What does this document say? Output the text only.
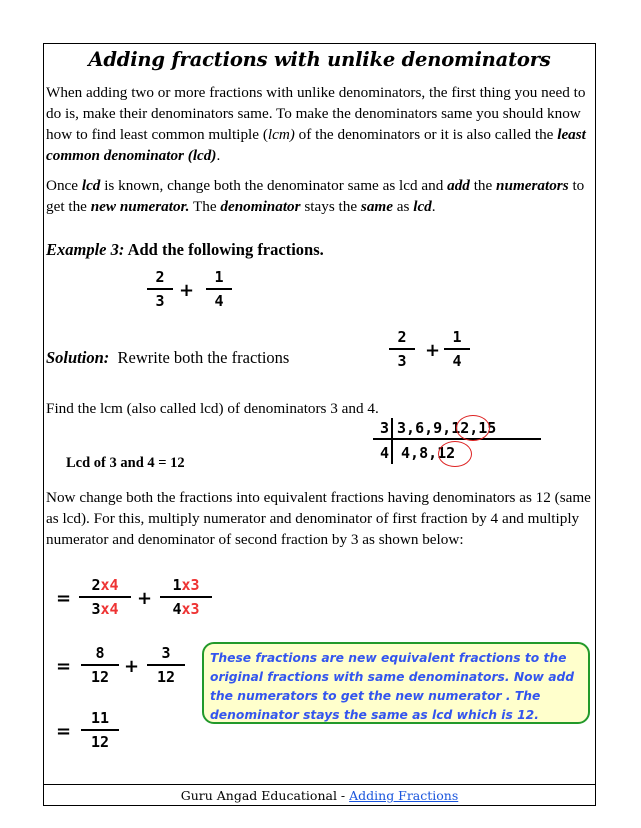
Adding fractions with unlike denominators
When adding two or more fractions with unlike denominators, the first thing you need to do is, make their denominators same. To make the denominators same you should know how to find least common multiple (lcm) of the denominators or it is also called the least common denominator (lcd).
Once lcd is known, change both the denominator same as lcd and add the numerators to get the new numerator. The denominator stays the same as lcd.
Example 3: Add the following fractions.
2
3 +
1
4
Solution:  Rewrite both the fractions
2
3	+
1
4
Find the lcm (also called lcd) of denominators 3 and 4.
3 3,6,9,12,15
4 4,8,12
Lcd of 3 and 4 = 12
Now change both the fractions into equivalent fractions having denominators as 12 (same as lcd). For this, multiply numerator and denominator of first fraction by 4 and multiply numerator and denominator of second fraction by 3 as shown below:
=
2x4
3x4	+
1x3
4x3
=
8
12 +
3
12
=
11
12
These fractions are new equivalent fractions to the original fractions with same denominators. Now add the numerators to get the new numerator . The denominator stays the same as lcd which is 12.
Guru Angad Educational - Adding Fractions
